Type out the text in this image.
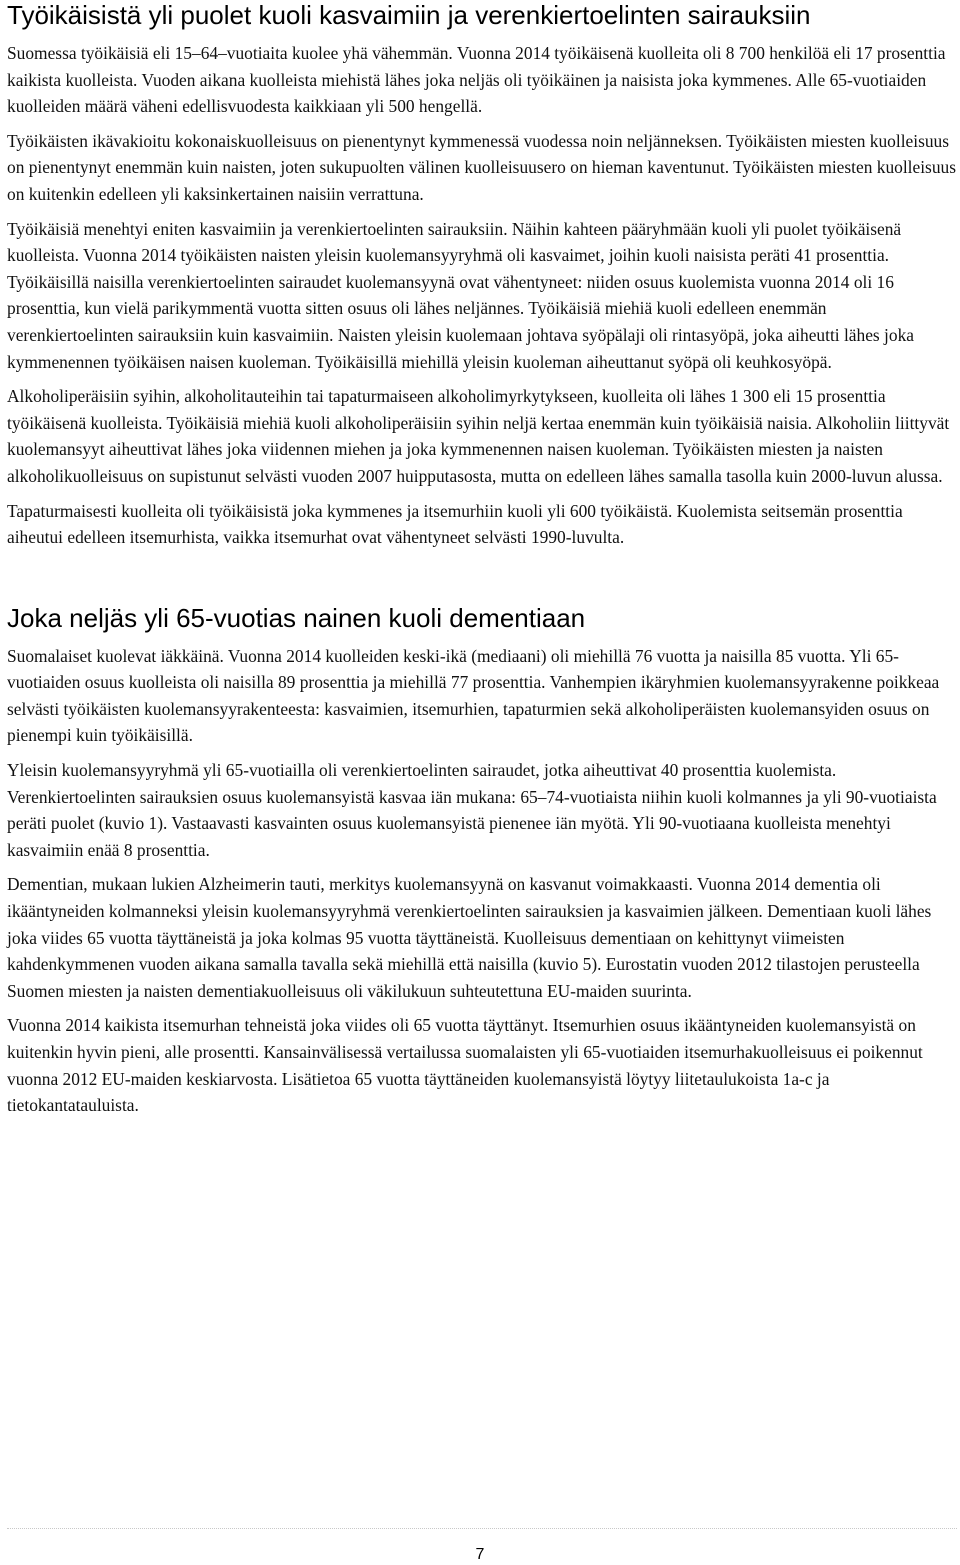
Työikäisistä yli puolet kuoli kasvaimiin ja verenkiertoelinten sairauksiin

Suomessa työikäisiä eli 15–64–vuotiaita kuolee yhä vähemmän. Vuonna 2014 työikäisenä kuolleita oli 8 700 henkilöä eli 17 prosenttia kaikista kuolleista. Vuoden aikana kuolleista miehistä lähes joka neljäs oli työikäinen ja naisista joka kymmenes. Alle 65-vuotiaiden kuolleiden määrä väheni edellisvuodesta kaikkiaan yli 500 hengellä.

Työikäisten ikävakioitu kokonaiskuolleisuus on pienentynyt kymmenessä vuodessa noin neljänneksen. Työikäisten miesten kuolleisuus on pienentynyt enemmän kuin naisten, joten sukupuolten välinen kuolleisuusero on hieman kaventunut. Työikäisten miesten kuolleisuus on kuitenkin edelleen yli kaksinkertainen naisiin verrattuna.

Työikäisiä menehtyi eniten kasvaimiin ja verenkiertoelinten sairauksiin. Näihin kahteen pääryhmään kuoli yli puolet työikäisenä kuolleista. Vuonna 2014 työikäisten naisten yleisin kuolemansyyryhmä oli kasvaimet, joihin kuoli naisista peräti 41 prosenttia. Työikäisillä naisilla verenkiertoelinten sairaudet kuolemansyynä ovat vähentyneet: niiden osuus kuolemista vuonna 2014 oli 16 prosenttia, kun vielä parikymmentä vuotta sitten osuus oli lähes neljännes. Työikäisiä miehiä kuoli edelleen enemmän verenkiertoelinten sairauksiin kuin kasvaimiin. Naisten yleisin kuolemaan johtava syöpälaji oli rintasyöpä, joka aiheutti lähes joka kymmenennen työikäisen naisen kuoleman. Työikäisillä miehillä yleisin kuoleman aiheuttanut syöpä oli keuhkosyöpä.

Alkoholiperäisiin syihin, alkoholitauteihin tai tapaturmaiseen alkoholimyrkytykseen, kuolleita oli lähes 1 300 eli 15 prosenttia työikäisenä kuolleista. Työikäisiä miehiä kuoli alkoholiperäisiin syihin neljä kertaa enemmän kuin työikäisiä naisia. Alkoholiin liittyvät kuolemansyyt aiheuttivat lähes joka viidennen miehen ja joka kymmenennen naisen kuoleman. Työikäisten miesten ja naisten alkoholikuolleisuus on supistunut selvästi vuoden 2007 huipputasosta, mutta on edelleen lähes samalla tasolla kuin 2000-luvun alussa.

Tapaturmaisesti kuolleita oli työikäisistä joka kymmenes ja itsemurhiin kuoli yli 600 työikäistä. Kuolemista seitsemän prosenttia aiheutui edelleen itsemurhista, vaikka itsemurhat ovat vähentyneet selvästi 1990-luvulta.

Joka neljäs yli 65-vuotias nainen kuoli dementiaan

Suomalaiset kuolevat iäkkäinä. Vuonna 2014 kuolleiden keski-ikä (mediaani) oli miehillä 76 vuotta ja naisilla 85 vuotta. Yli 65-vuotiaiden osuus kuolleista oli naisilla 89 prosenttia ja miehillä 77 prosenttia. Vanhempien ikäryhmien kuolemansyyrakenne poikkeaa selvästi työikäisten kuolemansyyrakenteesta: kasvaimien, itsemurhien, tapaturmien sekä alkoholiperäisten kuolemansyiden osuus on pienempi kuin työikäisillä.

Yleisin kuolemansyyryhmä yli 65-vuotiailla oli verenkiertoelinten sairaudet, jotka aiheuttivat 40 prosenttia kuolemista. Verenkiertoelinten sairauksien osuus kuolemansyistä kasvaa iän mukana: 65–74-vuotiaista niihin kuoli kolmannes ja yli 90-vuotiaista peräti puolet (kuvio 1). Vastaavasti kasvainten osuus kuolemansyistä pienenee iän myötä. Yli 90-vuotiaana kuolleista menehtyi kasvaimiin enää 8 prosenttia.

Dementian, mukaan lukien Alzheimerin tauti, merkitys kuolemansyynä on kasvanut voimakkaasti. Vuonna 2014 dementia oli ikääntyneiden kolmanneksi yleisin kuolemansyyryhmä verenkiertoelinten sairauksien ja kasvaimien jälkeen. Dementiaan kuoli lähes joka viides 65 vuotta täyttäneistä ja joka kolmas 95 vuotta täyttäneistä. Kuolleisuus dementiaan on kehittynyt viimeisten kahdenkymmenen vuoden aikana samalla tavalla sekä miehillä että naisilla (kuvio 5). Eurostatin vuoden 2012 tilastojen perusteella Suomen miesten ja naisten dementiakuolleisuus oli väkilukuun suhteutettuna EU-maiden suurinta.

Vuonna 2014 kaikista itsemurhan tehneistä joka viides oli 65 vuotta täyttänyt. Itsemurhien osuus ikääntyneiden kuolemansyistä on kuitenkin hyvin pieni, alle prosentti. Kansainvälisessä vertailussa suomalaisten yli 65-vuotiaiden itsemurhakuolleisuus ei poikennut vuonna 2012 EU-maiden keskiarvosta. Lisätietoa 65 vuotta täyttäneiden kuolemansyistä löytyy liitetaulukoista 1a-c ja tietokantatauluista.

7
